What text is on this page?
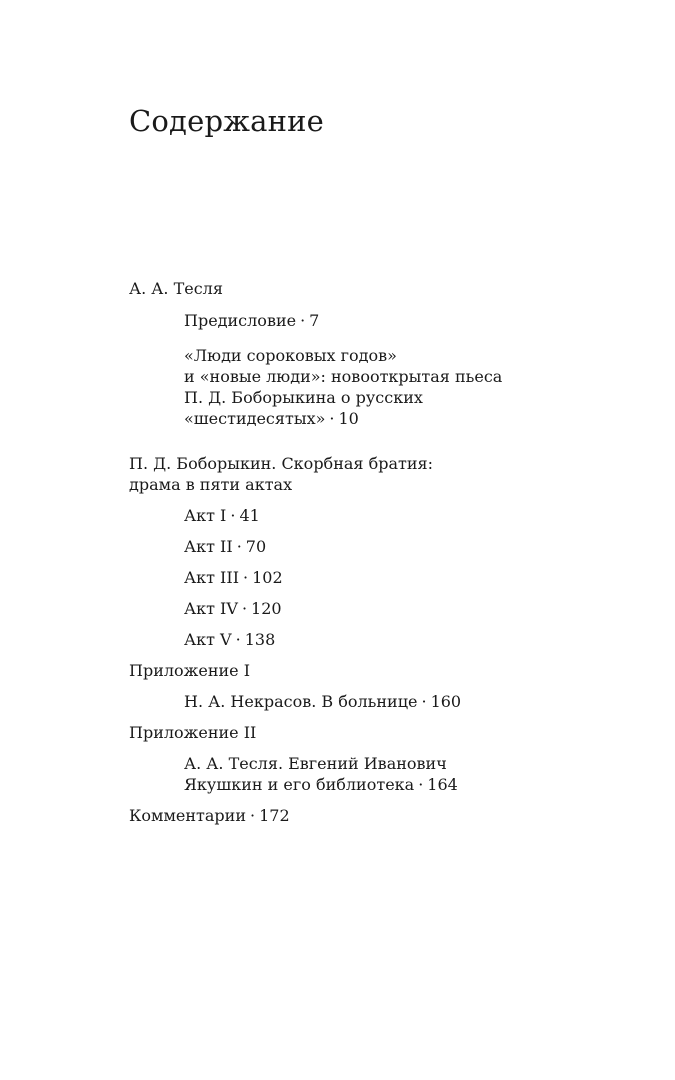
Содержание

А. А. Тесля

Предисловие · 7

«Люди сороковых годов»
и «новые люди»: новооткрытая пьеса
П. Д. Боборыкина о русских
«шестидесятых» · 10

П. Д. Боборыкин. Скорбная братия:
драма в пяти актах

Акт I · 41

Акт II · 70

Акт III · 102

Акт IV · 120

Акт V · 138

Приложение I

Н. А. Некрасов. В больнице · 160

Приложение II

А. А. Тесля. Евгений Иванович
Якушкин и его библиотека · 164

Комментарии · 172
